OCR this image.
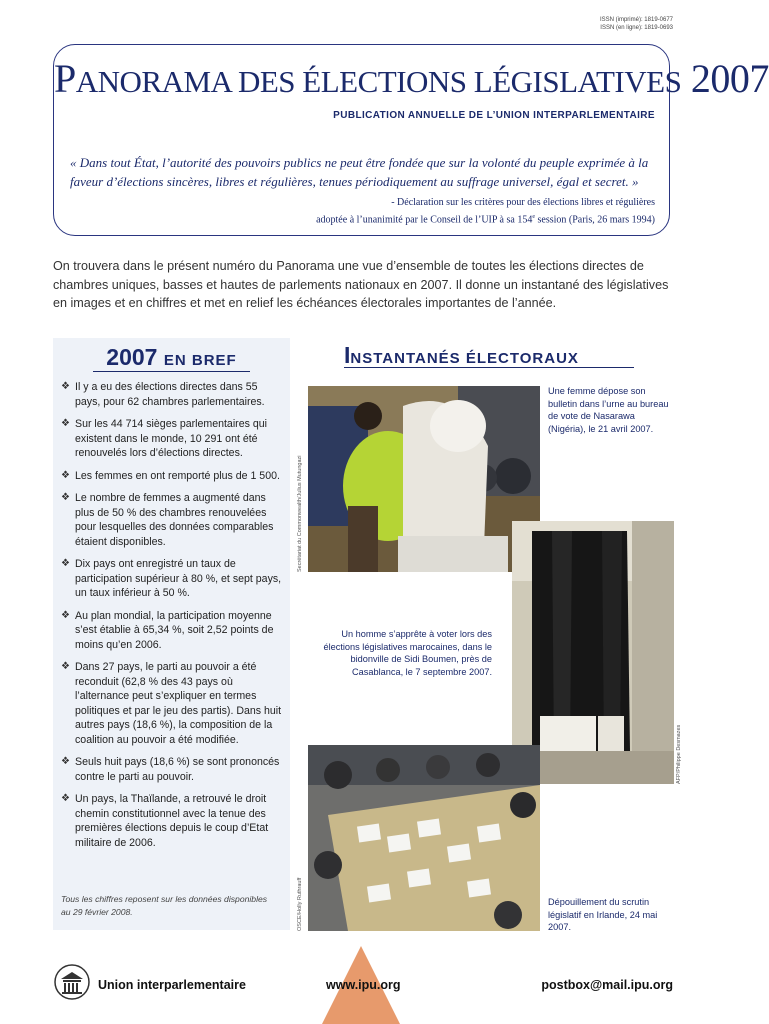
ISSN (imprimé): 1819-0677
ISSN (en ligne): 1819-0693
PANORAMA DES ÉLECTIONS LÉGISLATIVES 2007
PUBLICATION ANNUELLE DE L’UNION INTERPARLEMENTAIRE
« Dans tout État, l’autorité des pouvoirs publics ne peut être fondée que sur la volonté du peuple exprimée à la faveur d’élections sincères, libres et régulières, tenues périodiquement au suffrage universel, égal et secret. »
- Déclaration sur les critères pour des élections libres et régulières
adoptée à l’unanimité par le Conseil de l’UIP à sa 154e session (Paris, 26 mars 1994)
On trouvera dans le présent numéro du Panorama une vue d’ensemble de toutes les élections directes de chambres uniques, basses et hautes de parlements nationaux en 2007. Il donne un instantané des législatives en images et en chiffres et met en relief les échéances électorales importantes de l’année.
2007 EN BREF
❖ Il y a eu des élections directes dans 55 pays, pour 62 chambres parlementaires.
❖ Sur les 44 714 sièges parlementaires qui existent dans le monde, 10 291 ont été renouvelés lors d’élections directes.
❖ Les femmes en ont remporté plus de 1 500.
❖ Le nombre de femmes a augmenté dans plus de 50 % des chambres renouvelées pour lesquelles des données comparables étaient disponibles.
❖ Dix pays ont enregistré un taux de participation supérieur à 80 %, et sept pays, un taux inférieur à 50 %.
❖ Au plan mondial, la participation moyenne s’est établie à 65,34 %, soit 2,52 points de moins qu’en 2006.
❖ Dans 27 pays, le parti au pouvoir a été reconduit (62,8 % des 43 pays où l’alternance peut s’expliquer en termes politiques et par le jeu des partis). Dans huit autres pays (18,6 %), la composition de la coalition au pouvoir a été modifiée.
❖ Seuls huit pays (18,6 %) se sont prononcés contre le parti au pouvoir.
❖ Un pays, la Thaïlande, a retrouvé le droit chemin constitutionnel avec la tenue des premières élections depuis le coup d’Etat militaire de 2006.
Tous les chiffres reposent sur les données disponibles au 29 février 2008.
INSTANTANÉS ÉLECTORAUX
Secrétariat du Commonwealth/Julius Mutungazi
Une femme dépose son bulletin dans l’urne au bureau de vote de Nasarawa (Nigéria), le 21 avril 2007.
Un homme s’apprête à voter lors des élections législatives marocaines, dans le bidonville de Sidi Boumen, près de Casablanca, le 7 septembre 2007.
AFP/Philippe Desmazes
OSCE/Holly Ruthrauff	Dépouillement du scrutin législatif en Irlande, 24 mai 2007.
Union interparlementaire	www.ipu.org	postbox@mail.ipu.org
